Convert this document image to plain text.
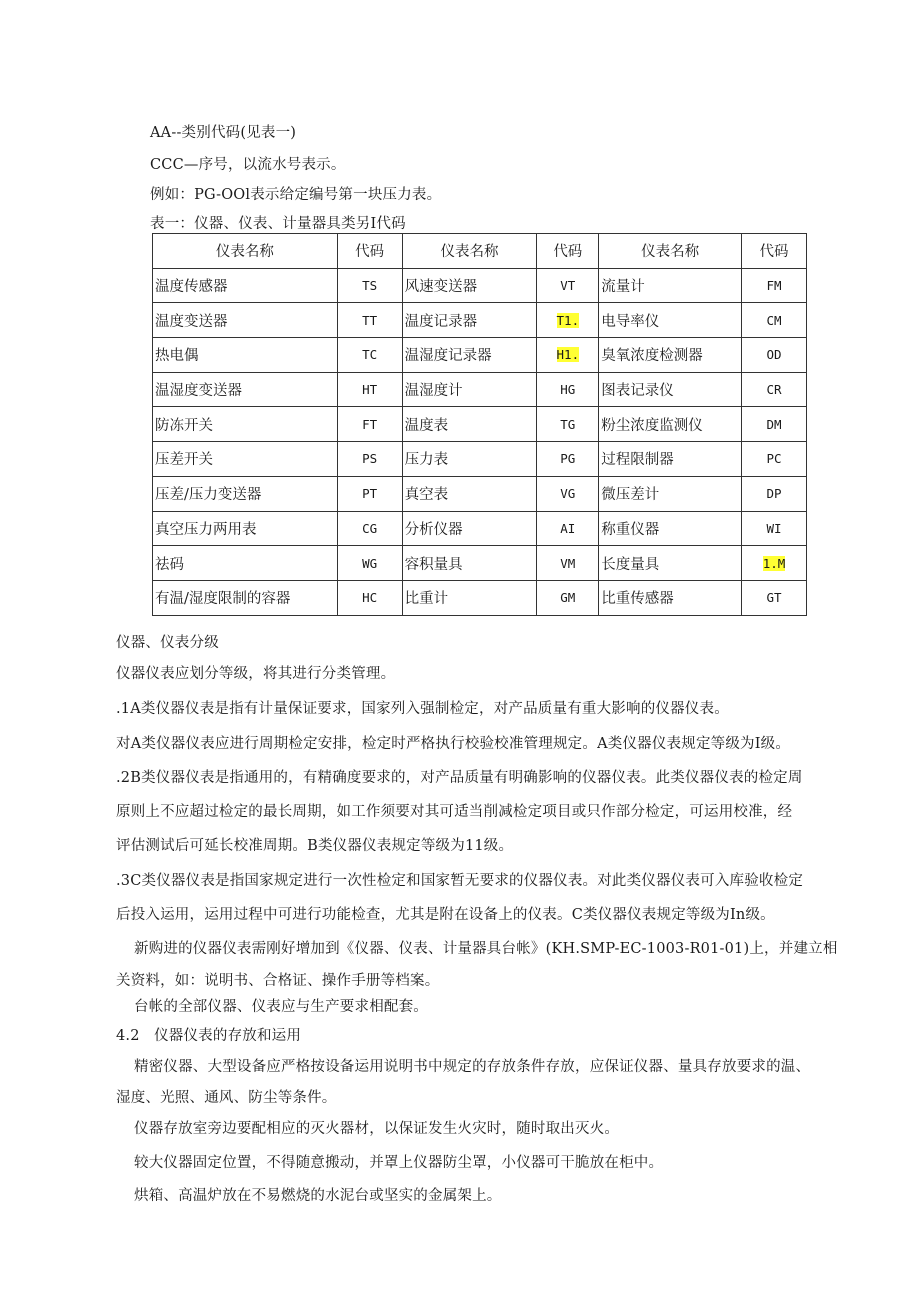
AA--类别代码(见表一)
CCC—序号，以流水号表示。
例如：PG-OOl表示给定编号第一块压力表。
表一：仪器、仪表、计量器具类另I代码
仪表名称	代码	仪表名称	代码	仪表名称	代码
温度传感器	TS	风速变送器	VT	流量计	FM
温度变送器	TT	温度记录器	T1.	电导率仪	CM
热电偶	TC	温湿度记录器	H1.	臭氧浓度检测器	OD
温湿度变送器	HT	温湿度计	HG	图表记录仪	CR
防冻开关	FT	温度表	TG	粉尘浓度监测仪	DM
压差开关	PS	压力表	PG	过程限制器	PC
压差/压力变送器	PT	真空表	VG	微压差计	DP
真空压力两用表	CG	分析仪器	AI	称重仪器	WI
祛码	WG	容积量具	VM	长度量具	1.M
有温/湿度限制的容器	HC	比重计	GM	比重传感器	GT
仪器、仪表分级
仪器仪表应划分等级，将其进行分类管理。
.1A类仪器仪表是指有计量保证要求，国家列入强制检定，对产品质量有重大影响的仪器仪表。
对A类仪器仪表应进行周期检定安排，检定时严格执行校验校准管理规定。A类仪器仪表规定等级为I级。
.2B类仪器仪表是指通用的，有精确度要求的，对产品质量有明确影响的仪器仪表。此类仪器仪表的检定周
原则上不应超过检定的最长周期，如工作须要对其可适当削减检定项目或只作部分检定，可运用校准，经
评估测试后可延长校准周期。B类仪器仪表规定等级为11级。
.3C类仪器仪表是指国家规定进行一次性检定和国家暂无要求的仪器仪表。对此类仪器仪表可入库验收检定
后投入运用，运用过程中可进行功能检查，尤其是附在设备上的仪表。C类仪器仪表规定等级为In级。
新购进的仪器仪表需刚好增加到《仪器、仪表、计量器具台帐》(KH.SMP-EC-1003-R01-01)上，并建立相
关资料，如：说明书、合格证、操作手册等档案。
台帐的全部仪器、仪表应与生产要求相配套。
4.2   仪器仪表的存放和运用
精密仪器、大型设备应严格按设备运用说明书中规定的存放条件存放，应保证仪器、量具存放要求的温、
湿度、光照、通风、防尘等条件。
仪器存放室旁边要配相应的灭火器材，以保证发生火灾时，随时取出灭火。
较大仪器固定位置，不得随意搬动，并罩上仪器防尘罩，小仪器可干脆放在柜中。
烘箱、高温炉放在不易燃烧的水泥台或坚实的金属架上。
